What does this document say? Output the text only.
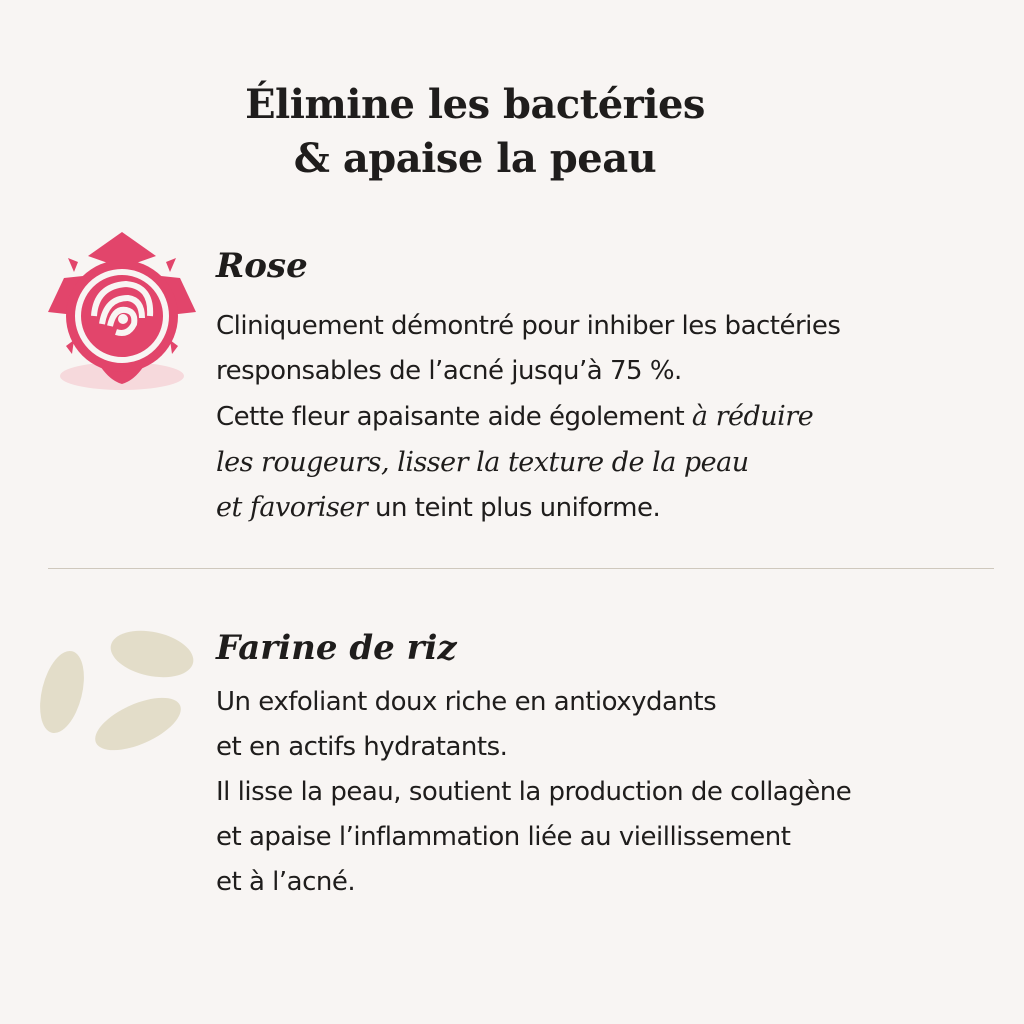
Élimine les bactéries
& apaise la peau
Rose
Cliniquement démontré pour inhiber les bactéries
responsables de l’acné jusqu’à 75 %.
Cette fleur apaisante aide égolement à réduire
les rougeurs, lisser la texture de la peau
et favoriser un teint plus uniforme.
Farine de riz
Un exfoliant doux riche en antioxydants
et en actifs hydratants.
Il lisse la peau, soutient la production de collagène
et apaise l’inflammation liée au vieillissement
et à l’acné.
